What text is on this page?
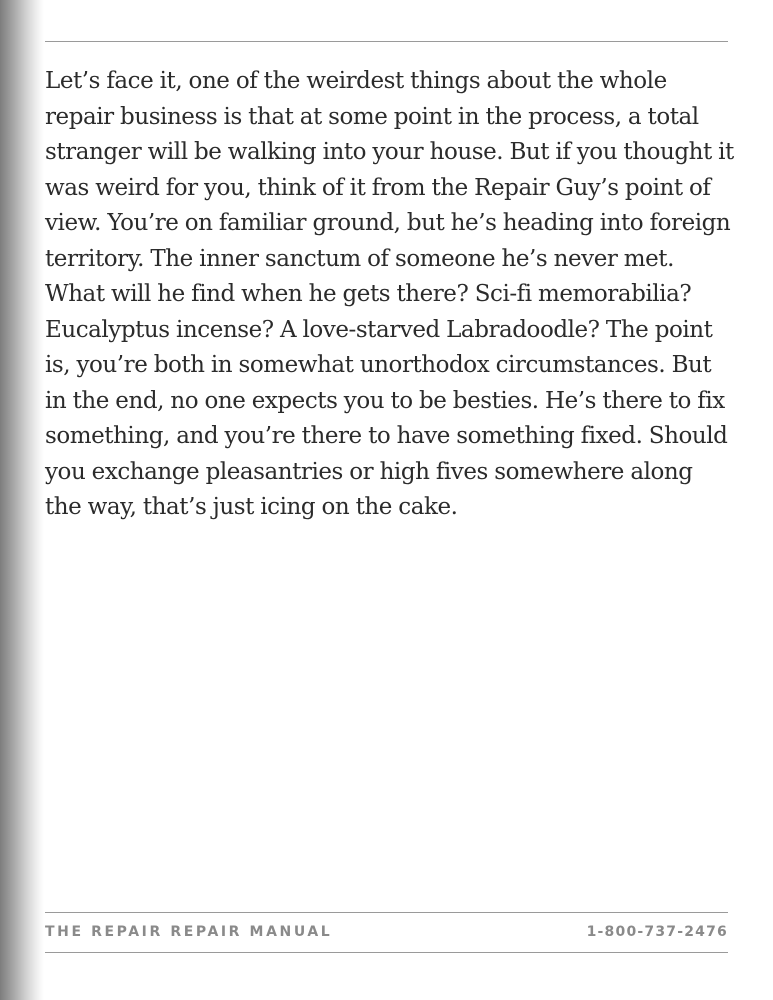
Let’s face it, one of the weirdest things about the whole repair business is that at some point in the process, a total stranger will be walking into your house. But if you thought it was weird for you, think of it from the Repair Guy’s point of view. You’re on familiar ground, but he’s heading into foreign territory. The inner sanctum of someone he’s never met. What will he find when he gets there? Sci-fi memorabilia? Eucalyptus incense? A love-starved Labradoodle? The point is, you’re both in somewhat unorthodox circumstances. But in the end, no one expects you to be besties. He’s there to fix something, and you’re there to have something fixed. Should you exchange pleasantries or high fives somewhere along the way, that’s just icing on the cake.

THE REPAIR REPAIR MANUAL	1-800-737-2476
